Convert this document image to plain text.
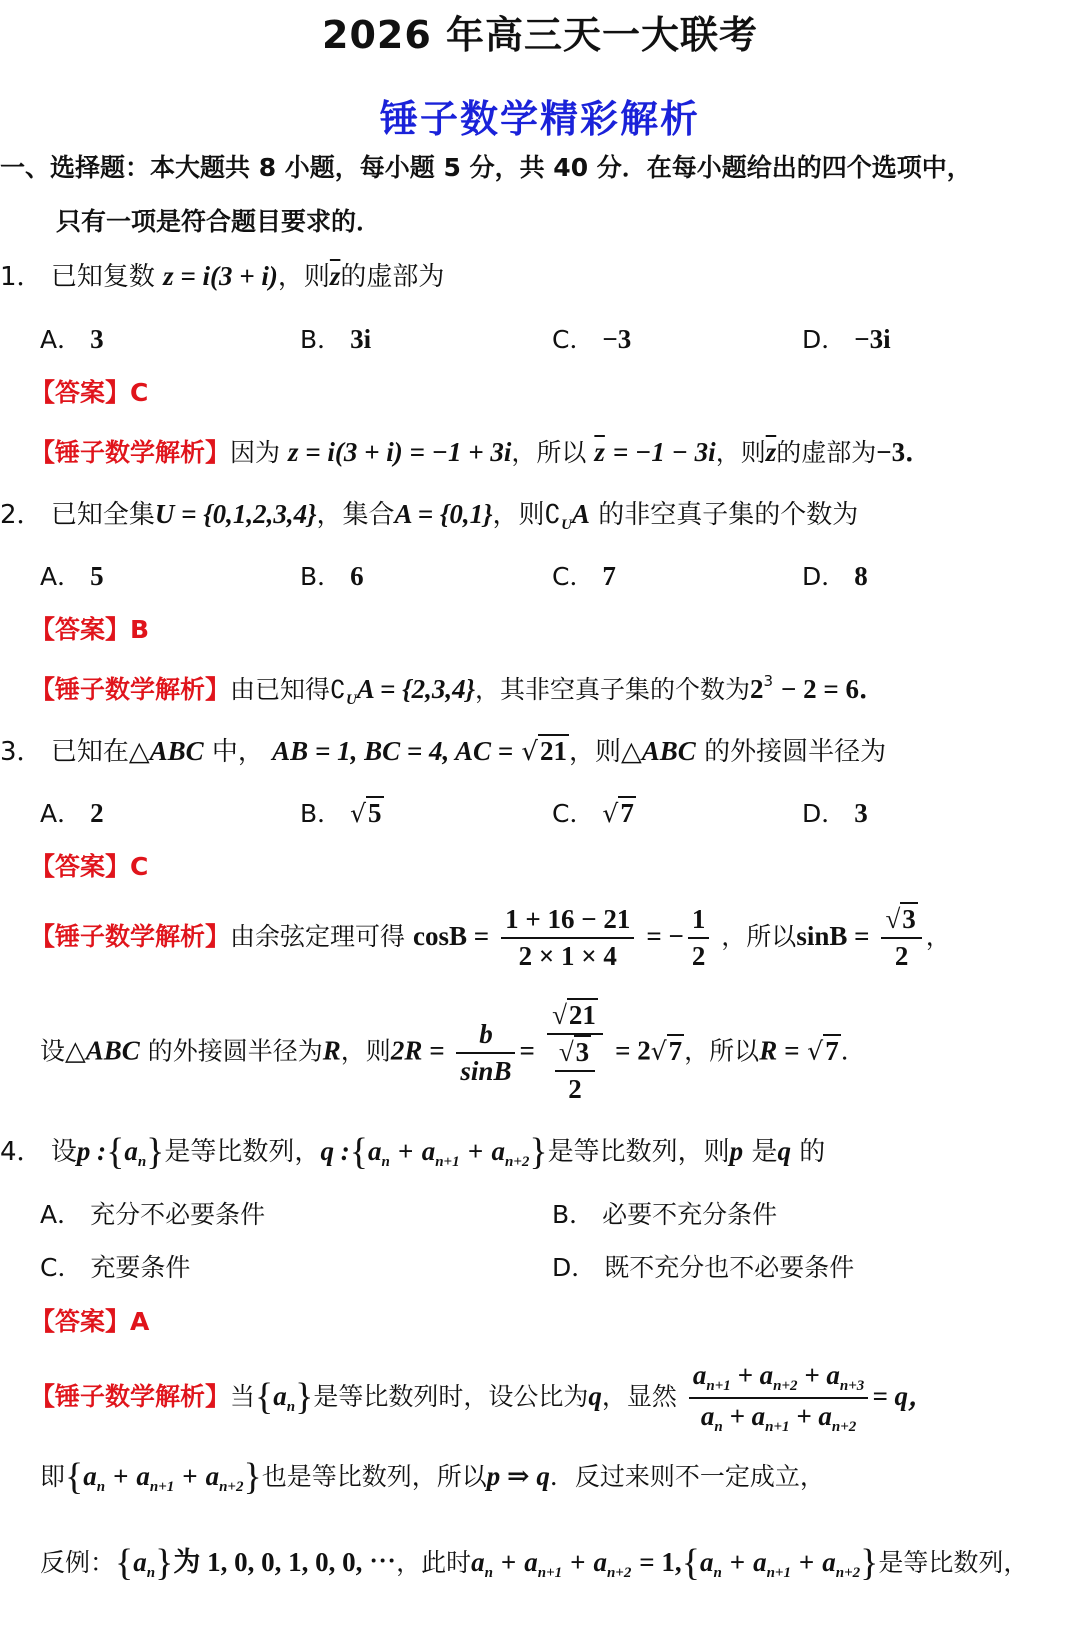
2026 年高三天一大联考
锤子数学精彩解析
一、选择题：本大题共 8 小题，每小题 5 分，共 40 分．在每小题给出的四个选项中，
只有一项是符合题目要求的．
1． 已知复数 z = i(3 + i)，则$\overline{z}$的虚部为
A． 3	B． 3i	C． −3	D． −3i
【答案】C
【锤子数学解析】因为 z = i(3 + i) = −1 + 3i，所以 $\overline{z} = -1 - 3i$，则$\overline{z}$的虚部为−3．
2． 已知全集U = {0,1,2,3,4}，集合A = {0,1}，则$∁_UA$ 的非空真子集的个数为
A． 5	B． 6	C． 7	D． 8
【答案】B
【锤子数学解析】由已知得$∁_UA = \{2,3,4\}$，其非空真子集的个数为$2^3 - 2 = 6$．
3． 已知在△ABC 中， AB = 1, BC = 4, AC = √21，则△ABC 的外接圆半径为
A． 2	B． √5	C． √7	D． 3
【答案】C
【锤子数学解析】由余弦定理可得 $\cos B = \frac{1 + 16 - 21}{2 \times 1 \times 4}$ = − $\frac{1}{2}$ ，所以$\sin B = \frac{√3}{2}$ ，
设△ABC 的外接圆半径为R，则$2R = \frac{b}{\sin B} = \frac{√21}{\frac{√3}{2}} = 2√7$，所以R = √7．
4． 设p $:\{a_n\}$是等比数列，q $:\{a_n + a_{n+1} + a_{n+2}\}$是等比数列，则p 是q 的
A． 充分不必要条件	B． 必要不充分条件
C． 充要条件	D． 既不充分也不必要条件
【答案】A
【锤子数学解析】当$\{a_n\}$是等比数列时，设公比为q，显然 $\frac{a_{n+1} + a_{n+2} + a_{n+3}}{a_n + a_{n+1} + a_{n+2}} = q$，
即$\{a_n + a_{n+1} + a_{n+2}\}$也是等比数列，所以p ⇒ q．反过来则不一定成立，
反例：$\{a_n\}$为 1, 0, 0, 1, 0, 0, ⋯，此时$a_n + a_{n+1} + a_{n+2} = 1,\{a_n + a_{n+1} + a_{n+2}\}$是等比数列，
